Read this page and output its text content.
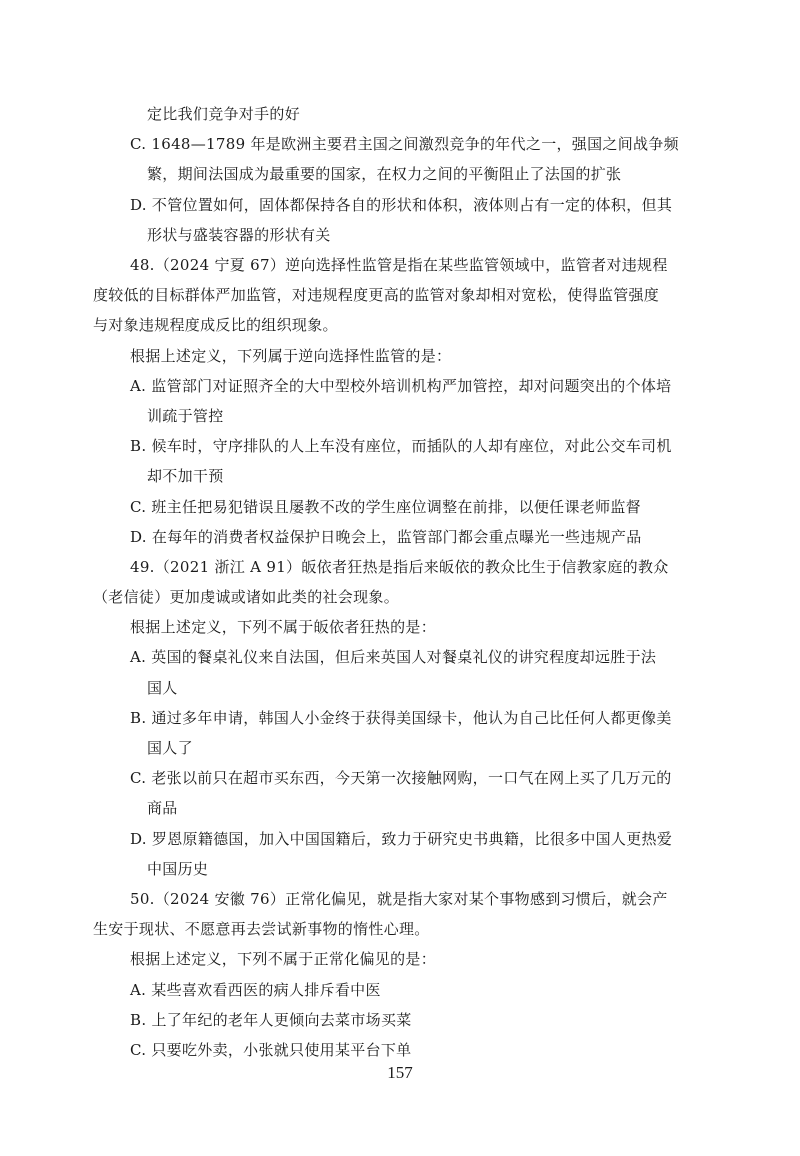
定比我们竞争对手的好
C. 1648—1789 年是欧洲主要君主国之间激烈竞争的年代之一，强国之间战争频
繁，期间法国成为最重要的国家，在权力之间的平衡阻止了法国的扩张
D. 不管位置如何，固体都保持各自的形状和体积，液体则占有一定的体积，但其
形状与盛装容器的形状有关
48.（2024 宁夏 67）逆向选择性监管是指在某些监管领域中，监管者对违规程
度较低的目标群体严加监管，对违规程度更高的监管对象却相对宽松，使得监管强度
与对象违规程度成反比的组织现象。
根据上述定义，下列属于逆向选择性监管的是：
A. 监管部门对证照齐全的大中型校外培训机构严加管控，却对问题突出的个体培
训疏于管控
B. 候车时，守序排队的人上车没有座位，而插队的人却有座位，对此公交车司机
却不加干预
C. 班主任把易犯错误且屡教不改的学生座位调整在前排，以便任课老师监督
D. 在每年的消费者权益保护日晚会上，监管部门都会重点曝光一些违规产品
49.（2021 浙江 A 91）皈依者狂热是指后来皈依的教众比生于信教家庭的教众
（老信徒）更加虔诚或诸如此类的社会现象。
根据上述定义，下列不属于皈依者狂热的是：
A. 英国的餐桌礼仪来自法国，但后来英国人对餐桌礼仪的讲究程度却远胜于法
国人
B. 通过多年申请，韩国人小金终于获得美国绿卡，他认为自己比任何人都更像美
国人了
C. 老张以前只在超市买东西，今天第一次接触网购，一口气在网上买了几万元的
商品
D. 罗恩原籍德国，加入中国国籍后，致力于研究史书典籍，比很多中国人更热爱
中国历史
50.（2024 安徽 76）正常化偏见，就是指大家对某个事物感到习惯后，就会产
生安于现状、不愿意再去尝试新事物的惰性心理。
根据上述定义，下列不属于正常化偏见的是：
A. 某些喜欢看西医的病人排斥看中医
B. 上了年纪的老年人更倾向去菜市场买菜
C. 只要吃外卖，小张就只使用某平台下单
157
